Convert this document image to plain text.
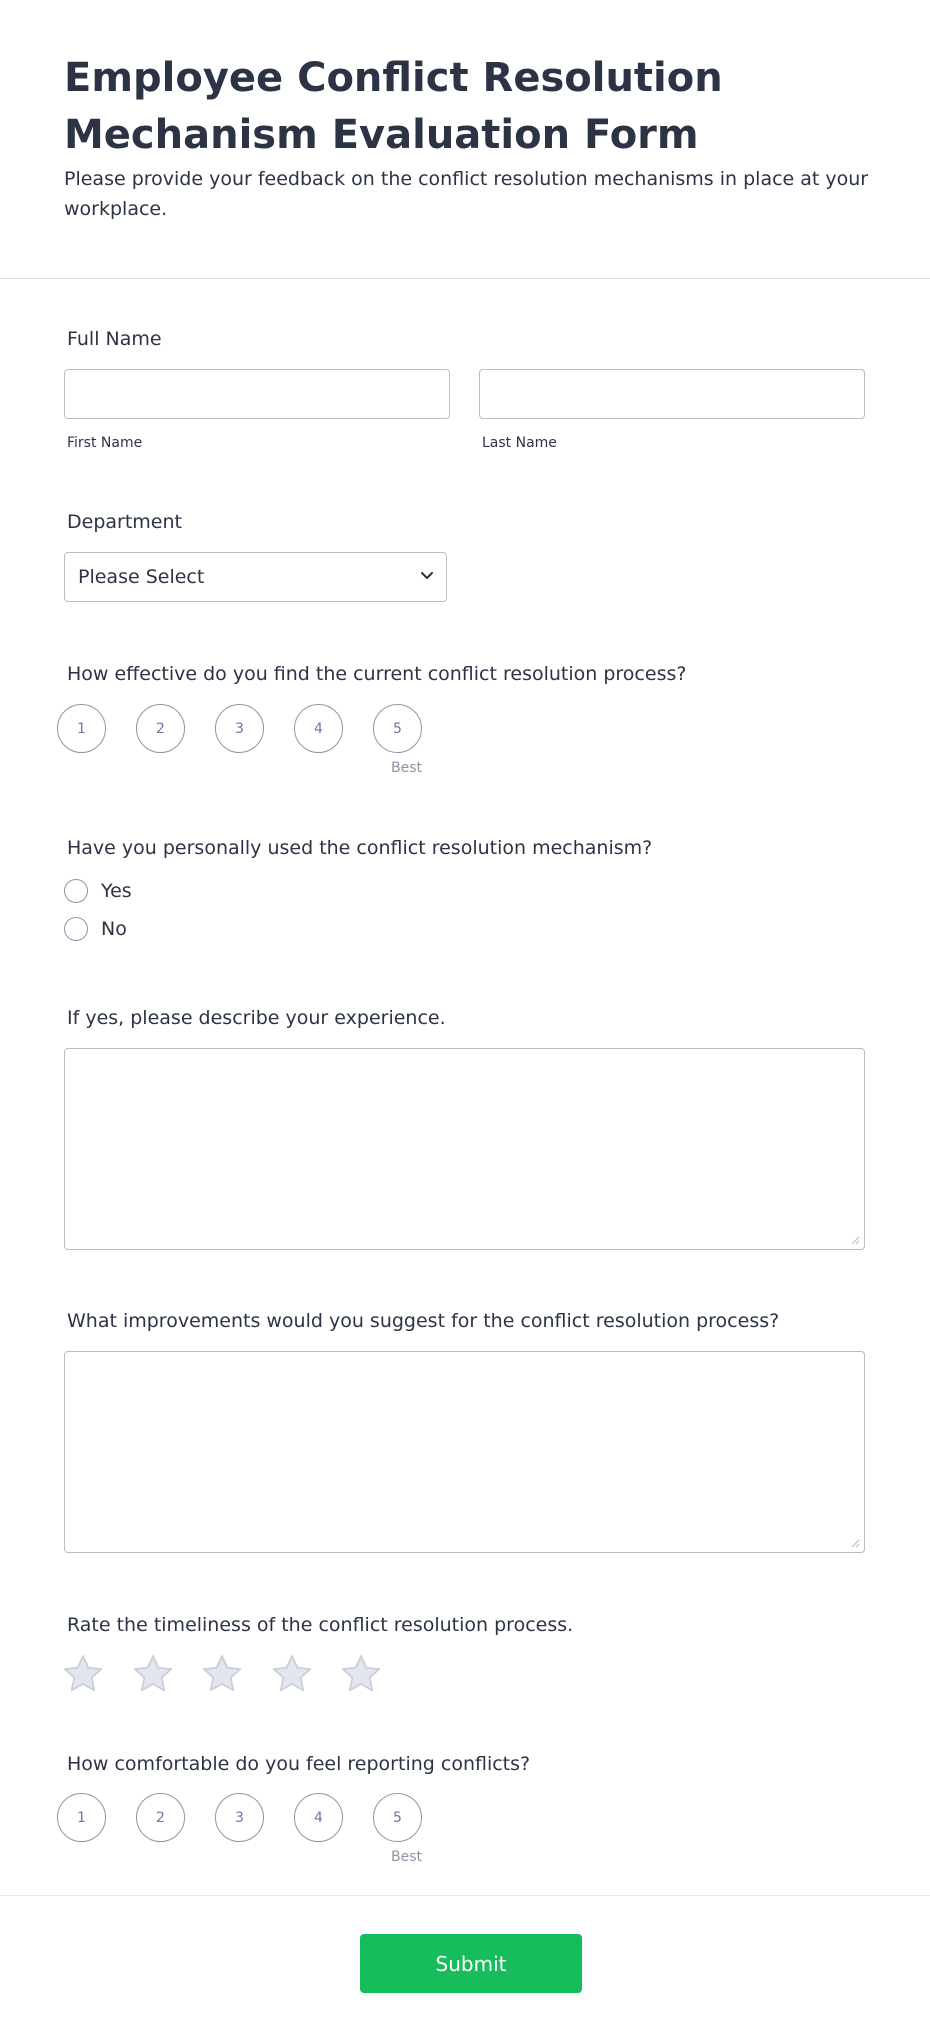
Employee Conflict Resolution Mechanism Evaluation Form

Please provide your feedback on the conflict resolution mechanisms in place at your workplace.

Full Name
First Name	Last Name
Department
Please Select
How effective do you find the current conflict resolution process?
1	2	3	4	5
Best
Have you personally used the conflict resolution mechanism?
Yes
No
If yes, please describe your experience.
What improvements would you suggest for the conflict resolution process?
Rate the timeliness of the conflict resolution process.
How comfortable do you feel reporting conflicts?
1	2	3	4	5
Best
Submit
